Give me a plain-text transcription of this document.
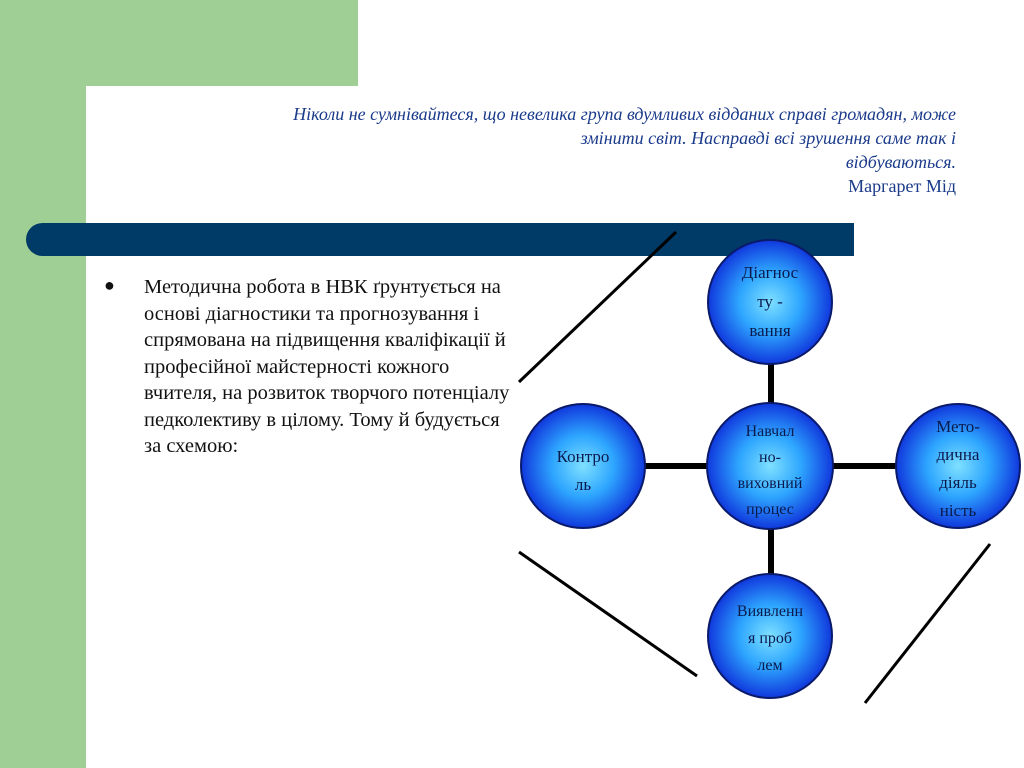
Ніколи не сумнівайтеся, що невелика група вдумливих відданих справі громадян, може
змінити світ. Насправді всі зрушення саме так і
відбуваються.
Маргарет Мід
● Методична робота в НВК ґрунтується на основі діагностики та прогнозування і спрямована на підвищення кваліфікації й професійної майстерності кожного вчителя, на розвиток творчого потенціалу педколективу в цілому. Тому й будується за схемою:
Діагнос
ту -
вання
Навчал
но-
виховний
процес
Контро
ль
Мето-
дична
діяль
ність
Виявленн
я проб
лем
